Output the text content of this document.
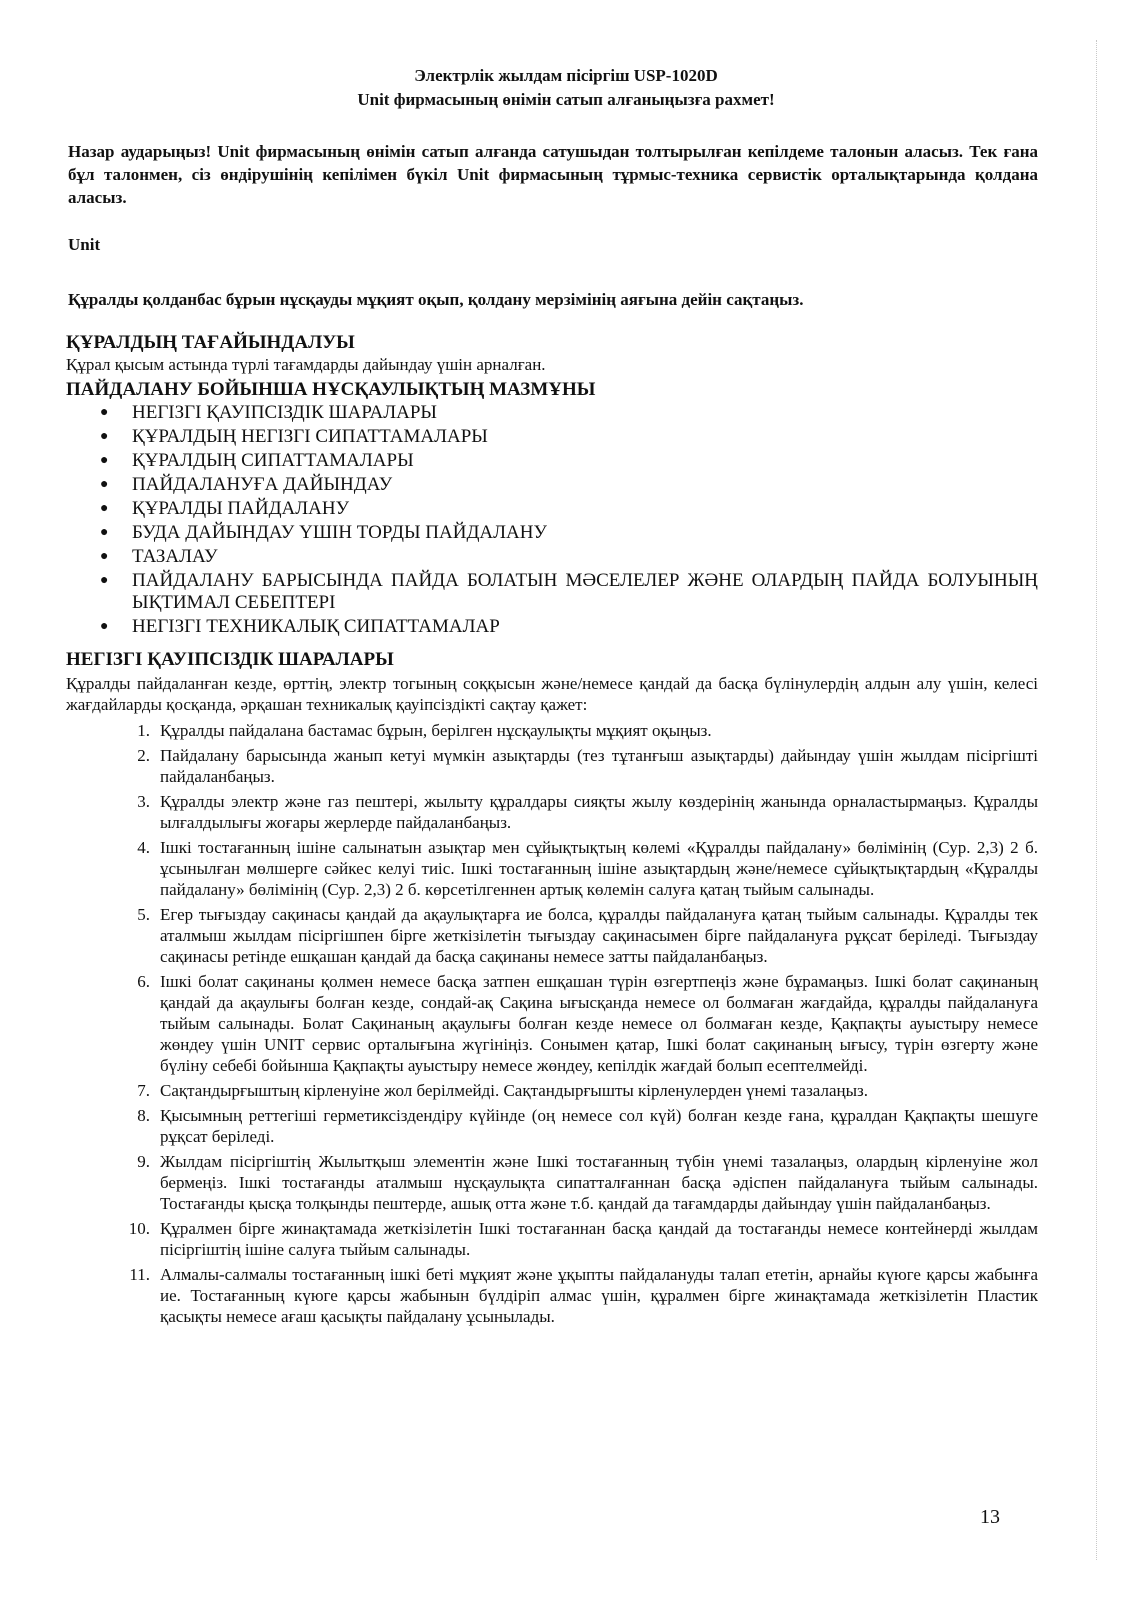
Электрлік жылдам пісіргіш USP-1020D
Unit фирмасының өнімін сатып алғаныңызға рахмет!
Назар аударыңыз! Unit фирмасының өнімін сатып алғанда сатушыдан толтырылған кепілдеме талонын аласыз. Тек ғана бұл талонмен, сіз өндірушінің кепілімен бүкіл Unit фирмасының тұрмыс-техника сервистік орталықтарында қолдана аласыз.
Unit
Құралды қолданбас бұрын нұсқауды мұқият оқып, қолдану мерзімінің аяғына дейін сақтаңыз.
ҚҰРАЛДЫҢ ТАҒАЙЫНДАЛУЫ
Құрал қысым астында түрлі тағамдарды дайындау үшін арналған.
ПАЙДАЛАНУ БОЙЫНША НҰСҚАУЛЫҚТЫҢ МАЗМҰНЫ
● НЕГІЗГІ ҚАУІПСІЗДІК ШАРАЛАРЫ
● ҚҰРАЛДЫҢ НЕГІЗГІ СИПАТТАМАЛАРЫ
● ҚҰРАЛДЫҢ СИПАТТАМАЛАРЫ
● ПАЙДАЛАНУҒА ДАЙЫНДАУ
● ҚҰРАЛДЫ ПАЙДАЛАНУ
● БУДА ДАЙЫНДАУ ҮШІН ТОРДЫ ПАЙДАЛАНУ
● ТАЗАЛАУ
● ПАЙДАЛАНУ БАРЫСЫНДА ПАЙДА БОЛАТЫН МӘСЕЛЕЛЕР ЖӘНЕ ОЛАРДЫҢ ПАЙДА БОЛУЫНЫҢ ЫҚТИМАЛ СЕБЕПТЕРІ
● НЕГІЗГІ ТЕХНИКАЛЫҚ СИПАТТАМАЛАР
НЕГІЗГІ ҚАУІПСІЗДІК ШАРАЛАРЫ
Құралды пайдаланған кезде, өрттің, электр тогының соққысын және/немесе қандай да басқа бүлінулердің алдын алу үшін, келесі жағдайларды қосқанда, әрқашан техникалық қауіпсіздікті сақтау қажет:
1. Құралды пайдалана бастамас бұрын, берілген нұсқаулықты мұқият оқыңыз.
2. Пайдалану барысында жанып кетуі мүмкін азықтарды (тез тұтанғыш азықтарды) дайындау үшін жылдам пісіргішті пайдаланбаңыз.
3. Құралды электр және газ пештері, жылыту құралдары сияқты жылу көздерінің жанында орналастырмаңыз. Құралды ылғалдылығы жоғары жерлерде пайдаланбаңыз.
4. Ішкі тостағанның ішіне салынатын азықтар мен сұйықтықтың көлемі «Құралды пайдалану» бөлімінің (Сур. 2,3) 2 б. ұсынылған мөлшерге сәйкес келуі тиіс. Ішкі тостағанның ішіне азықтардың және/немесе сұйықтықтардың «Құралды пайдалану» бөлімінің (Сур. 2,3) 2 б. көрсетілгеннен артық көлемін салуға қатаң тыйым салынады.
5. Егер тығыздау сақинасы қандай да ақаулықтарға ие болса, құралды пайдалануға қатаң тыйым салынады. Құралды тек аталмыш жылдам пісіргішпен бірге жеткізілетін тығыздау сақинасымен бірге пайдалануға рұқсат беріледі. Тығыздау сақинасы ретінде ешқашан қандай да басқа сақинаны немесе затты пайдаланбаңыз.
6. Ішкі болат сақинаны қолмен немесе басқа затпен ешқашан түрін өзгертпеңіз және бұрамаңыз. Ішкі болат сақинаның қандай да ақаулығы болған кезде, сондай-ақ Сақина ығысқанда немесе ол болмаған жағдайда, құралды пайдалануға тыйым салынады. Болат Сақинаның ақаулығы болған кезде немесе ол болмаған кезде, Қақпақты ауыстыру немесе жөндеу үшін UNIT сервис орталығына жүгініңіз. Сонымен қатар, Ішкі болат сақинаның ығысу, түрін өзгерту және бүліну себебі бойынша Қақпақты ауыстыру немесе жөндеу, кепілдік жағдай болып есептелмейді.
7. Сақтандырғыштың кірленуіне жол берілмейді. Сақтандырғышты кірленулерден үнемі тазалаңыз.
8. Қысымның реттегіші герметиксіздендіру күйінде (оң немесе сол күй) болған кезде ғана, құралдан Қақпақты шешуге рұқсат беріледі.
9. Жылдам пісіргіштің Жылытқыш элементін және Ішкі тостағанның түбін үнемі тазалаңыз, олардың кірленуіне жол бермеңіз. Ішкі тостағанды аталмыш нұсқаулықта сипатталғаннан басқа әдіспен пайдалануға тыйым салынады. Тостағанды қысқа толқынды пештерде, ашық отта және т.б. қандай да тағамдарды дайындау үшін пайдаланбаңыз.
10. Құралмен бірге жинақтамада жеткізілетін Ішкі тостағаннан басқа қандай да тостағанды немесе контейнерді жылдам пісіргіштің ішіне салуға тыйым салынады.
11. Алмалы-салмалы тостағанның ішкі беті мұқият және ұқыпты пайдалануды талап ететін, арнайы күюге қарсы жабынға ие. Тостағанның күюге қарсы жабынын бүлдіріп алмас үшін, құралмен бірге жинақтамада жеткізілетін Пластик қасықты немесе ағаш қасықты пайдалану ұсынылады.
13
